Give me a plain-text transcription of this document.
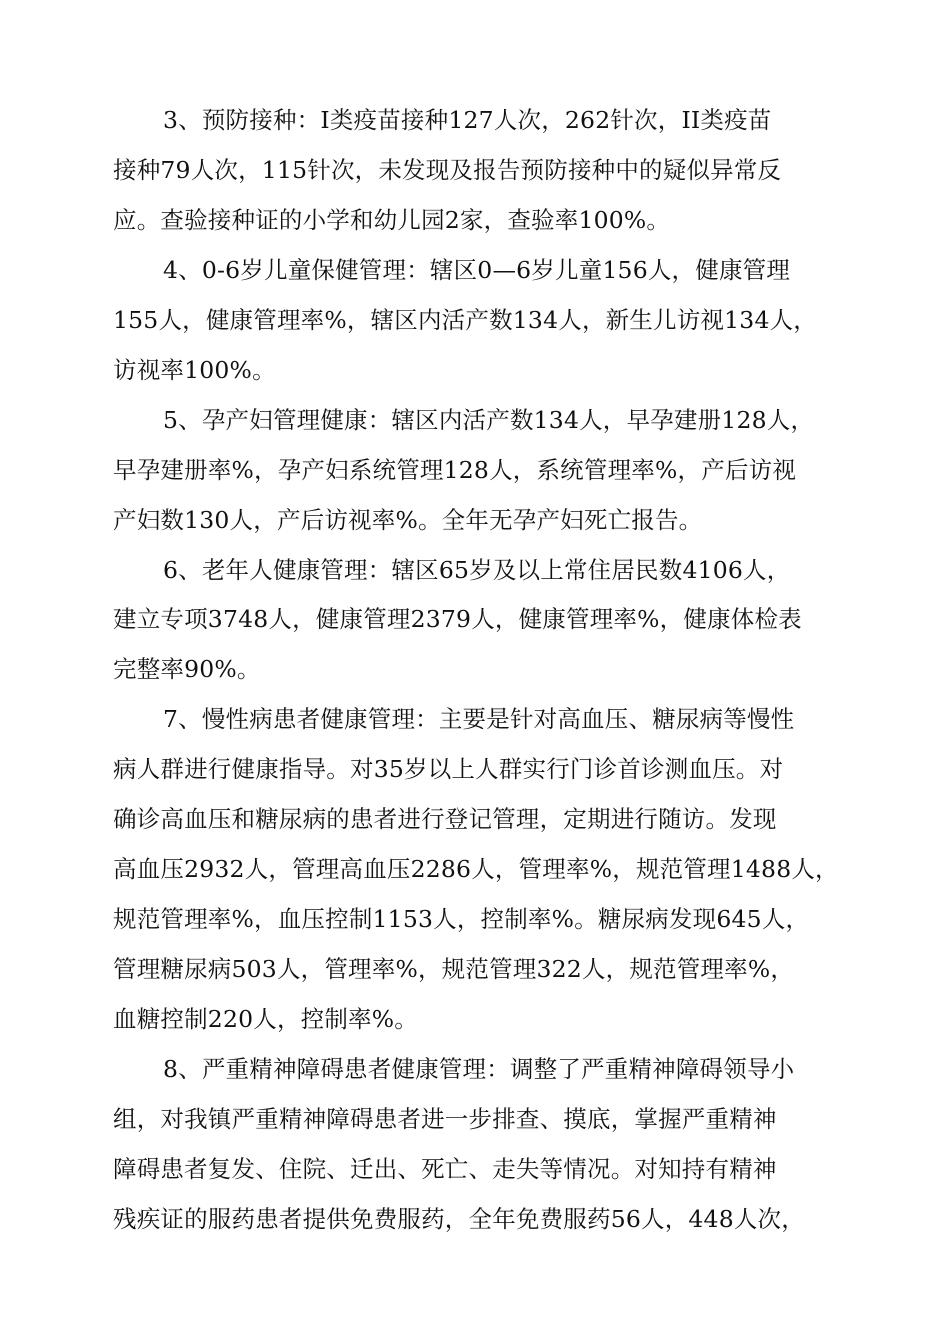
3、预防接种：I类疫苗接种127人次，262针次，II类疫苗
接种79人次，115针次，未发现及报告预防接种中的疑似异常反
应。查验接种证的小学和幼儿园2家，查验率100%。
4、0-6岁儿童保健管理：辖区0—6岁儿童156人，健康管理
155人，健康管理率%，辖区内活产数134人，新生儿访视134人，
访视率100%。
5、孕产妇管理健康：辖区内活产数134人，早孕建册128人，
早孕建册率%，孕产妇系统管理128人，系统管理率%，产后访视
产妇数130人，产后访视率%。全年无孕产妇死亡报告。
6、老年人健康管理：辖区65岁及以上常住居民数4106人，
建立专项3748人，健康管理2379人，健康管理率%，健康体检表
完整率90%。
7、慢性病患者健康管理：主要是针对高血压、糖尿病等慢性
病人群进行健康指导。对35岁以上人群实行门诊首诊测血压。对
确诊高血压和糖尿病的患者进行登记管理，定期进行随访。发现
高血压2932人，管理高血压2286人，管理率%，规范管理1488人，
规范管理率%，血压控制1153人，控制率%。糖尿病发现645人，
管理糖尿病503人，管理率%，规范管理322人，规范管理率%，
血糖控制220人，控制率%。
8、严重精神障碍患者健康管理：调整了严重精神障碍领导小
组，对我镇严重精神障碍患者进一步排查、摸底，掌握严重精神
障碍患者复发、住院、迁出、死亡、走失等情况。对知持有精神
残疾证的服药患者提供免费服药，全年免费服药56人，448人次，
